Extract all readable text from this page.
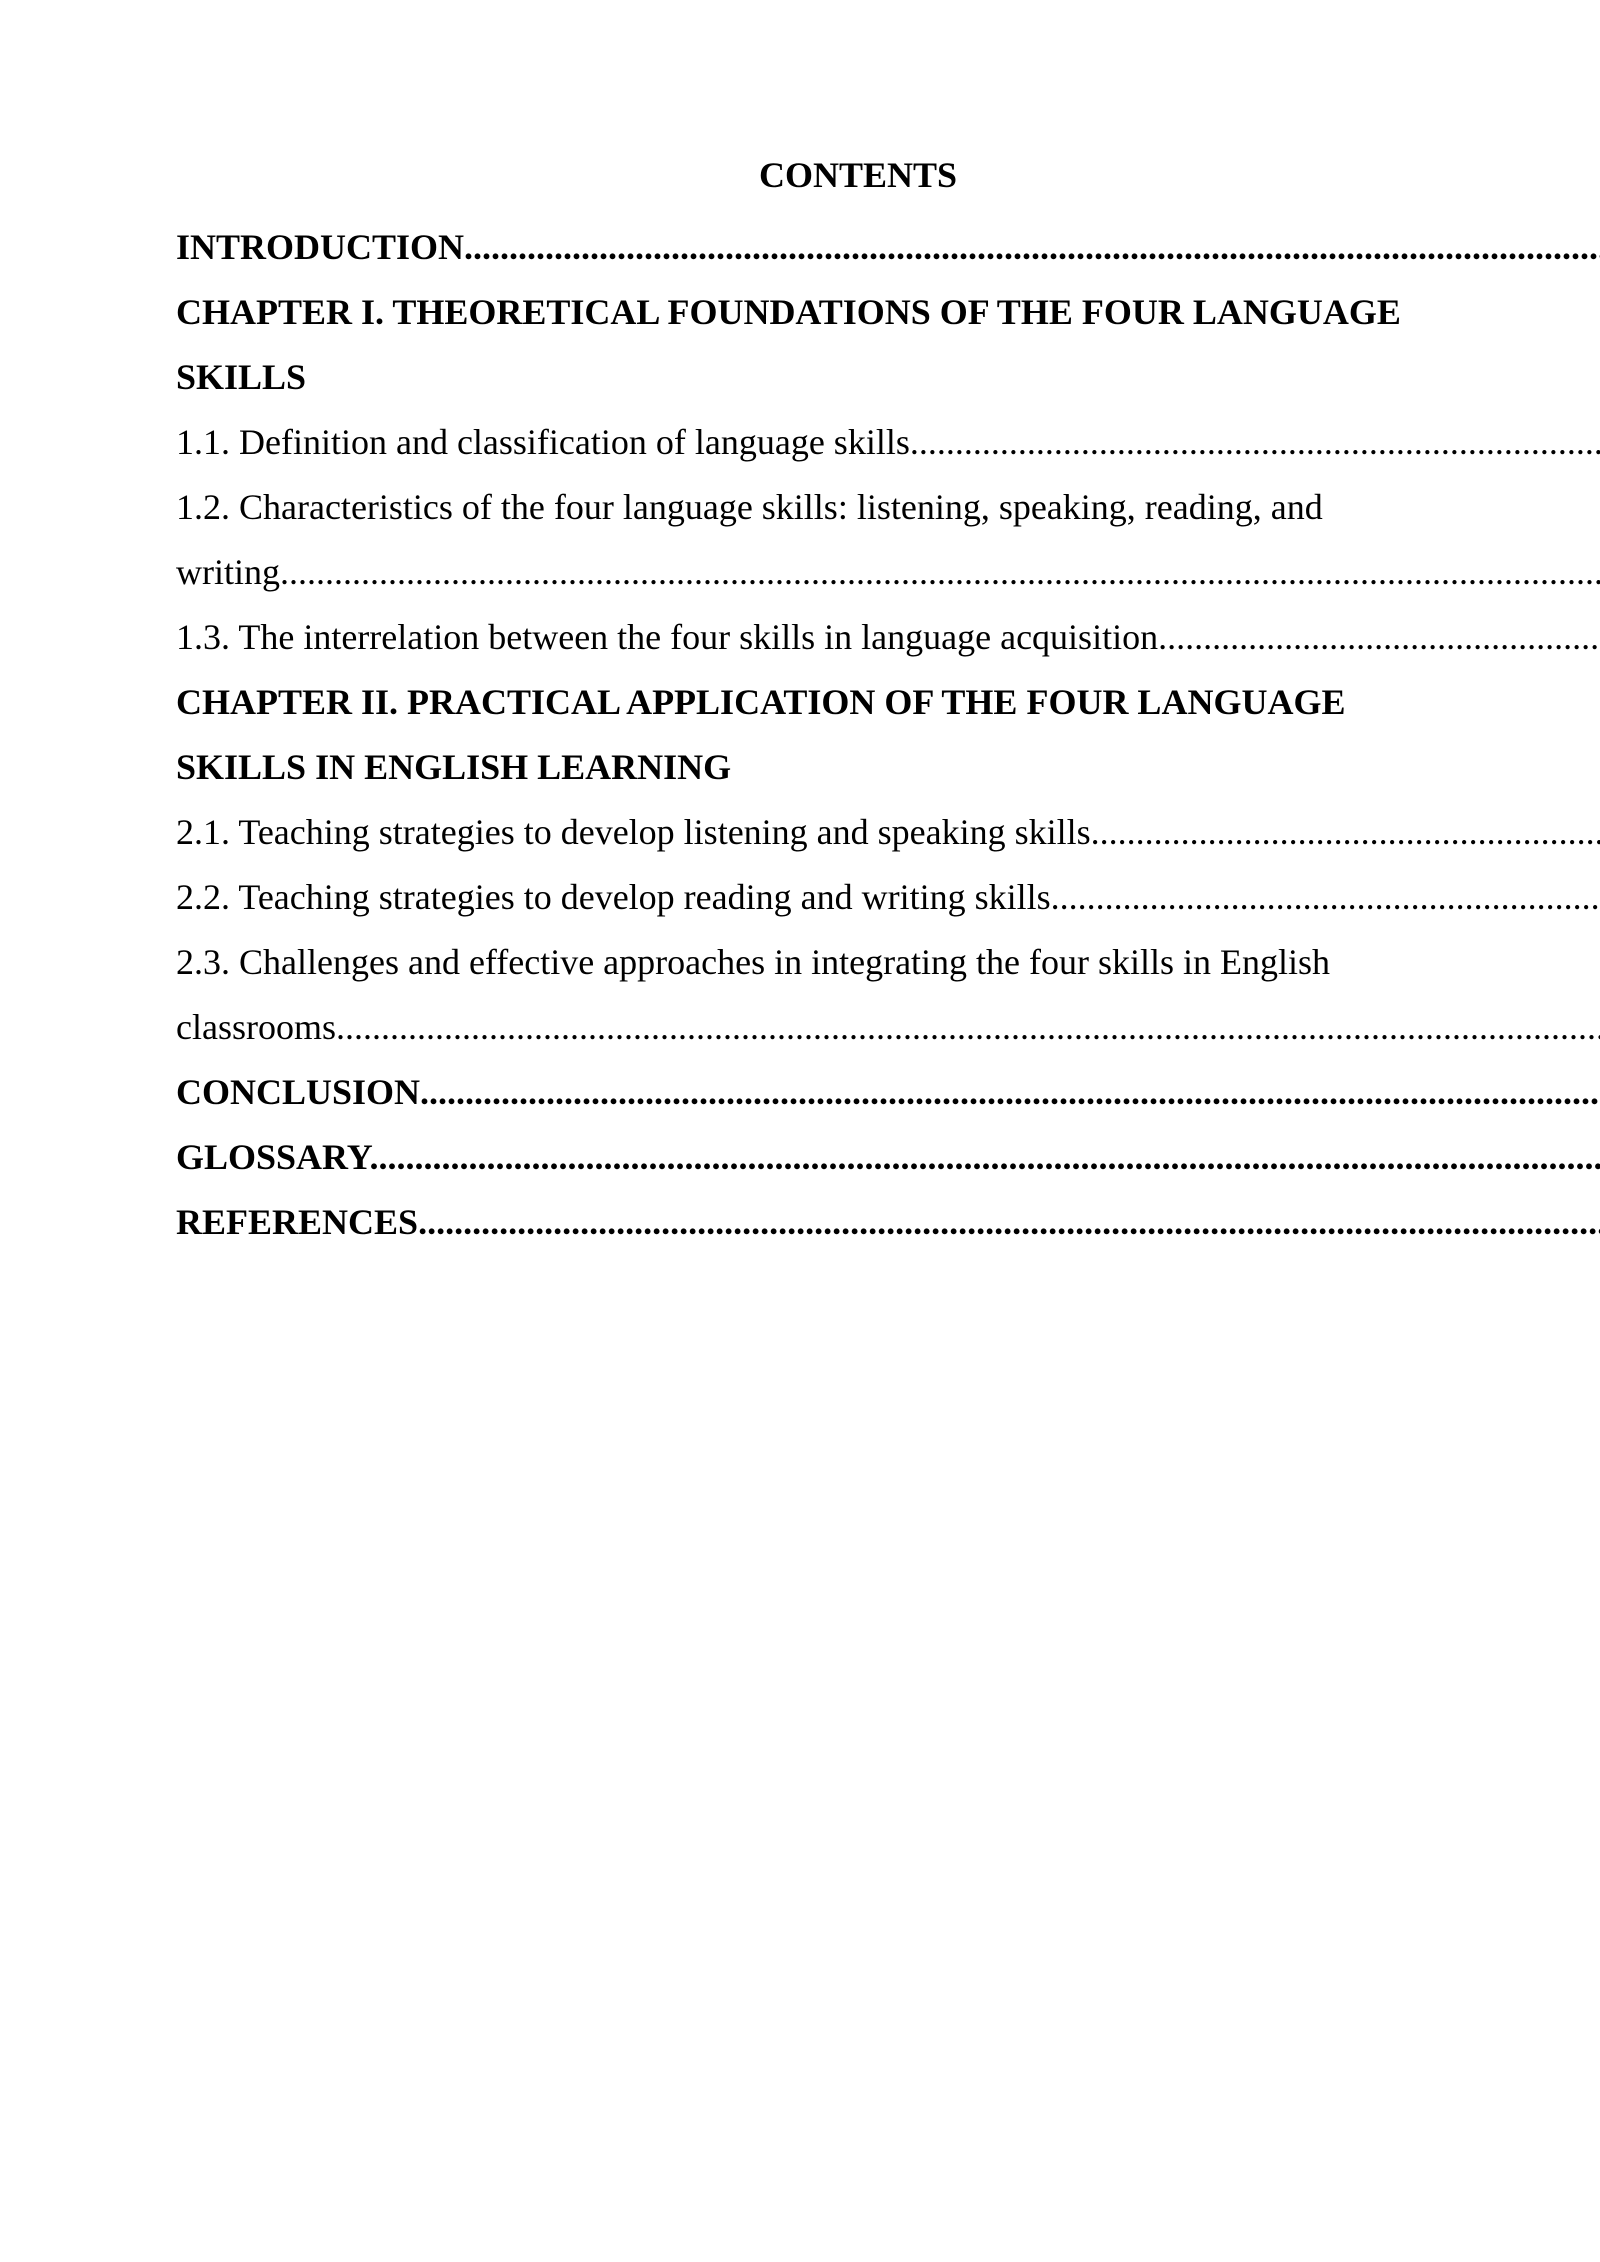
CONTENTS
INTRODUCTION .....
CHAPTER I. THEORETICAL FOUNDATIONS OF THE FOUR LANGUAGE
SKILLS
1.1. Definition and classification of language skills .....
1.2. Characteristics of the four language skills: listening, speaking, reading, and
writing .....
1.3. The interrelation between the four skills in language acquisition .....
CHAPTER II. PRACTICAL APPLICATION OF THE FOUR LANGUAGE
SKILLS IN ENGLISH LEARNING
2.1. Teaching strategies to develop listening and speaking skills .....
2.2. Teaching strategies to develop reading and writing skills .....
2.3. Challenges and effective approaches in integrating the four skills in English
classrooms .....
CONCLUSION .....
GLOSSARY .....
REFERENCES .....
